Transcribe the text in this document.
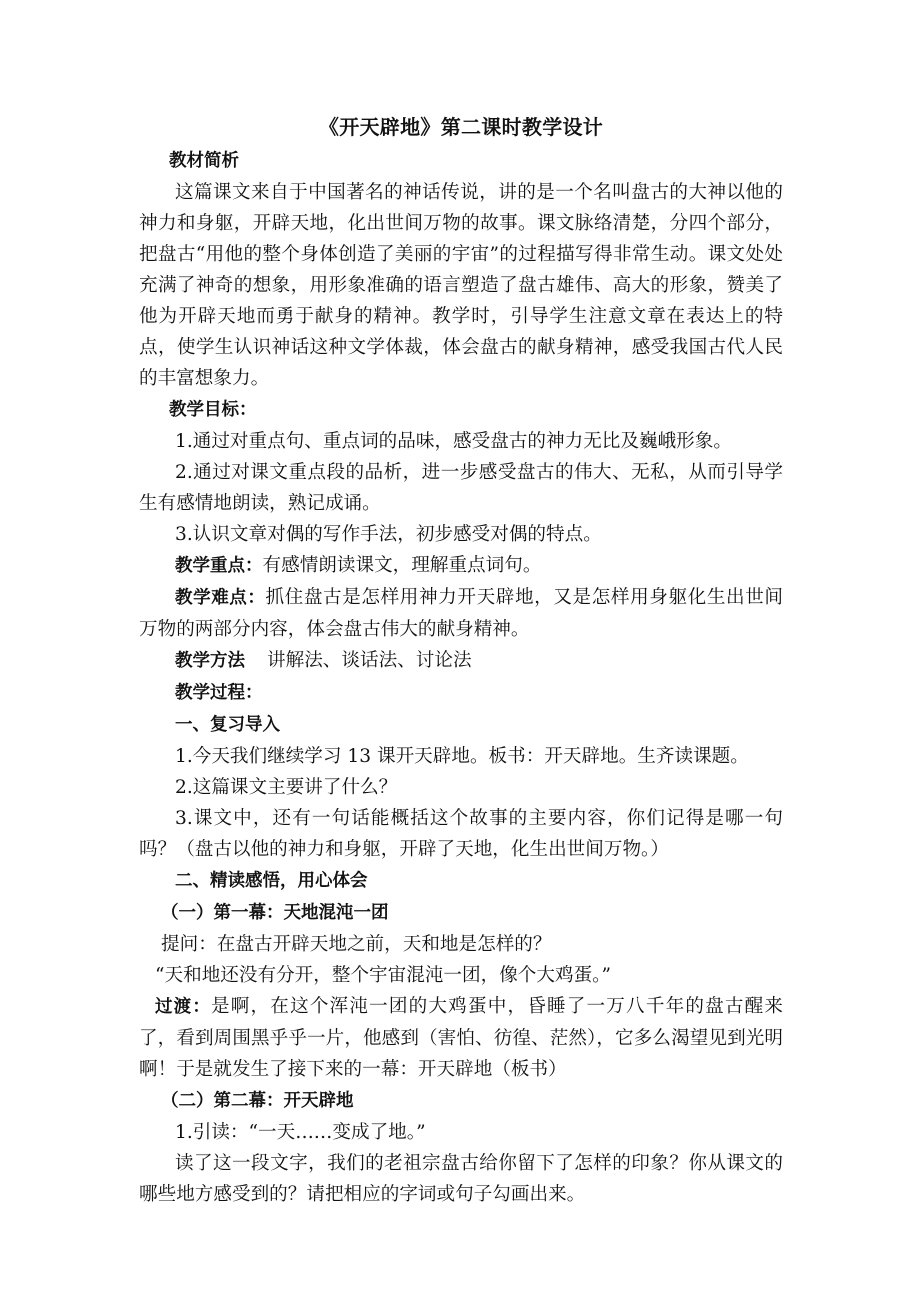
《开天辟地》第二课时教学设计

教材简析

这篇课文来自于中国著名的神话传说，讲的是一个名叫盘古的大神以他的神力和身躯，开辟天地，化出世间万物的故事。课文脉络清楚，分四个部分，把盘古“用他的整个身体创造了美丽的宇宙”的过程描写得非常生动。课文处处充满了神奇的想象，用形象准确的语言塑造了盘古雄伟、高大的形象，赞美了他为开辟天地而勇于献身的精神。教学时，引导学生注意文章在表达上的特点，使学生认识神话这种文学体裁，体会盘古的献身精神，感受我国古代人民的丰富想象力。

教学目标：

1.通过对重点句、重点词的品味，感受盘古的神力无比及巍峨形象。

2.通过对课文重点段的品析，进一步感受盘古的伟大、无私，从而引导学生有感情地朗读，熟记成诵。

3.认识文章对偶的写作手法，初步感受对偶的特点。

教学重点：有感情朗读课文，理解重点词句。

教学难点：抓住盘古是怎样用神力开天辟地，又是怎样用身躯化生出世间万物的两部分内容，体会盘古伟大的献身精神。

教学方法 讲解法、谈话法、讨论法

教学过程：

一、复习导入

1.今天我们继续学习 13 课开天辟地。板书：开天辟地。生齐读课题。

2.这篇课文主要讲了什么？

3.课文中，还有一句话能概括这个故事的主要内容，你们记得是哪一句吗？（盘古以他的神力和身躯，开辟了天地，化生出世间万物。）

二、精读感悟，用心体会

（一）第一幕：天地混沌一团

提问：在盘古开辟天地之前，天和地是怎样的？

“天和地还没有分开，整个宇宙混沌一团，像个大鸡蛋。”

过渡：是啊，在这个浑沌一团的大鸡蛋中，昏睡了一万八千年的盘古醒来了，看到周围黑乎乎一片，他感到（害怕、彷徨、茫然），它多么渴望见到光明啊！于是就发生了接下来的一幕：开天辟地（板书）

（二）第二幕：开天辟地

1.引读：“一天……变成了地。”

读了这一段文字，我们的老祖宗盘古给你留下了怎样的印象？你从课文的哪些地方感受到的？请把相应的字词或句子勾画出来。
